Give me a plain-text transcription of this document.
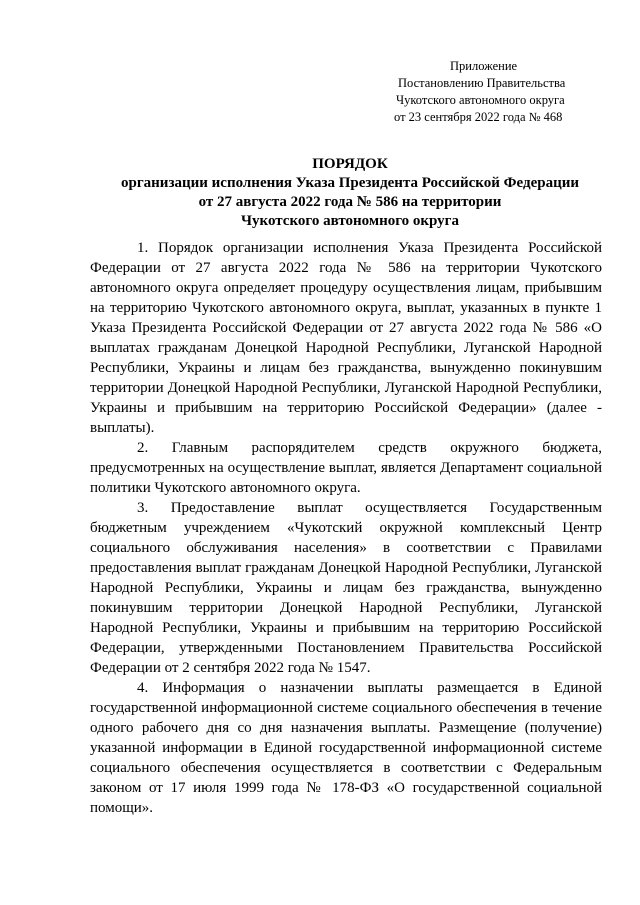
Приложение
Постановлению Правительства
Чукотского автономного округа
от 23 сентября 2022 года № 468
ПОРЯДОК
организации исполнения Указа Президента Российской Федерации
от 27 августа 2022 года № 586 на территории
Чукотского автономного округа

1. Порядок организации исполнения Указа Президента Российской Федерации от 27 августа 2022 года № 586 на территории Чукотского автономного округа определяет процедуру осуществления лицам, прибывшим на территорию Чукотского автономного округа, выплат, указанных в пункте 1 Указа Президента Российской Федерации от 27 августа 2022 года № 586 «О выплатах гражданам Донецкой Народной Республики, Луганской Народной Республики, Украины и лицам без гражданства, вынужденно покинувшим территории Донецкой Народной Республики, Луганской Народной Республики, Украины и прибывшим на территорию Российской Федерации» (далее - выплаты).

2. Главным распорядителем средств окружного бюджета, предусмотренных на осуществление выплат, является Департамент социальной политики Чукотского автономного округа.

3. Предоставление выплат осуществляется Государственным бюджетным учреждением «Чукотский окружной комплексный Центр социального обслуживания населения» в соответствии с Правилами предоставления выплат гражданам Донецкой Народной Республики, Луганской Народной Республики, Украины и лицам без гражданства, вынужденно покинувшим территории Донецкой Народной Республики, Луганской Народной Республики, Украины и прибывшим на территорию Российской Федерации, утвержденными Постановлением Правительства Российской Федерации от 2 сентября 2022 года № 1547.

4. Информация о назначении выплаты размещается в Единой государственной информационной системе социального обеспечения в течение одного рабочего дня со дня назначения выплаты. Размещение (получение) указанной информации в Единой государственной информационной системе социального обеспечения осуществляется в соответствии с Федеральным законом от 17 июля 1999 года № 178-ФЗ «О государственной социальной помощи».
